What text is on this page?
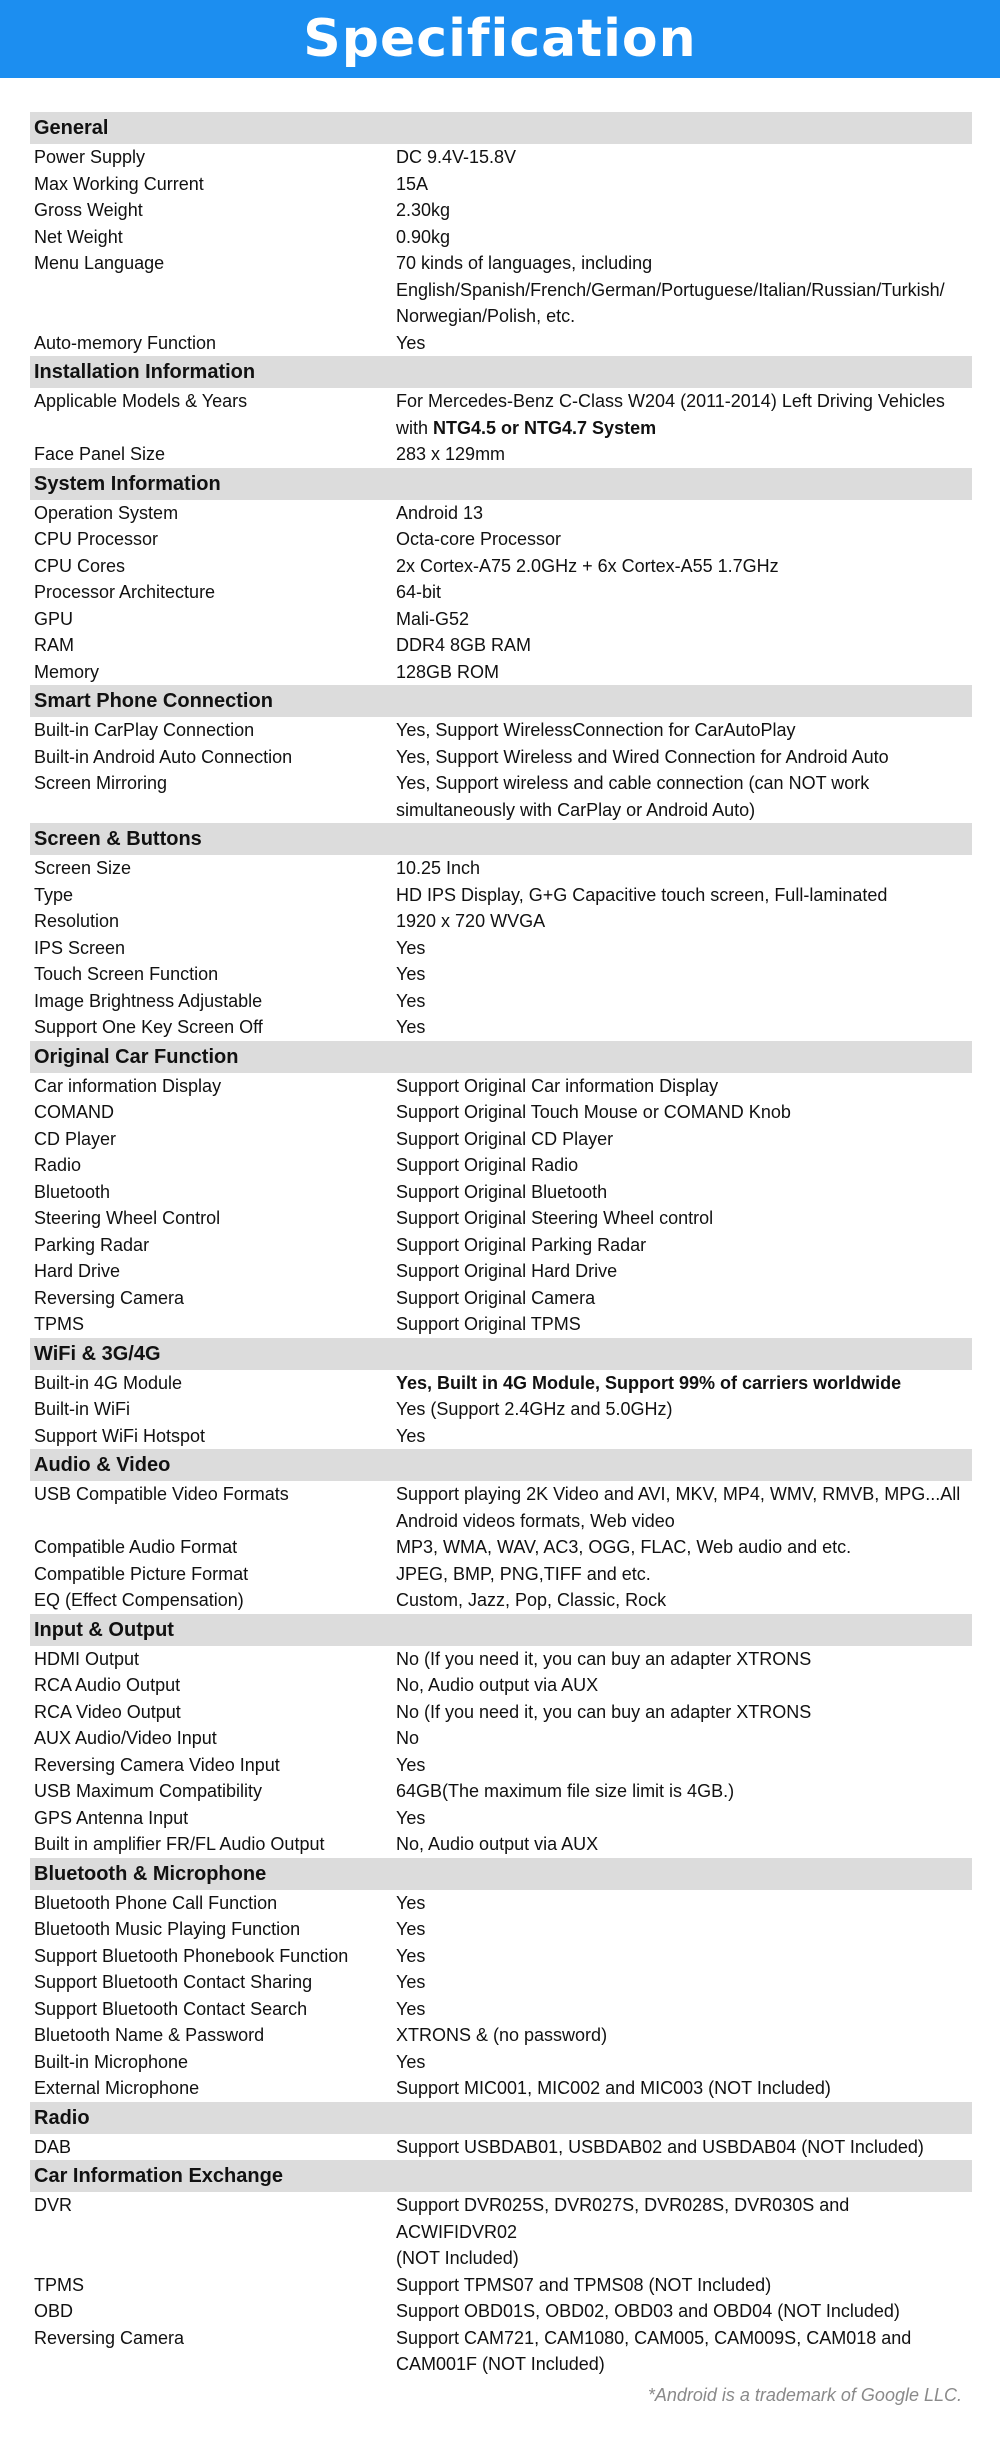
Specification
General
Power Supply	DC 9.4V-15.8V
Max Working Current	15A
Gross Weight	2.30kg
Net Weight	0.90kg
Menu Language	70 kinds of languages, including
English/Spanish/French/German/Portuguese/Italian/Russian/Turkish/
Norwegian/Polish, etc.
Auto-memory Function	Yes
Installation Information
Applicable Models & Years	For Mercedes-Benz C-Class W204 (2011-2014) Left Driving Vehicles
with NTG4.5 or NTG4.7 System
Face Panel Size	283 x 129mm
System Information
Operation System	Android 13
CPU Processor	Octa-core Processor
CPU Cores	2x Cortex-A75 2.0GHz + 6x Cortex-A55 1.7GHz
Processor Architecture	64-bit
GPU	Mali-G52
RAM	DDR4 8GB RAM
Memory	128GB ROM
Smart Phone Connection
Built-in CarPlay Connection	Yes, Support WirelessConnection for CarAutoPlay
Built-in Android Auto Connection	Yes, Support Wireless and Wired Connection for Android Auto
Screen Mirroring	Yes, Support wireless and cable connection (can NOT work
simultaneously with CarPlay or Android Auto)
Screen & Buttons
Screen Size	10.25 Inch
Type	HD IPS Display, G+G Capacitive touch screen, Full-laminated
Resolution	1920 x 720 WVGA
IPS Screen	Yes
Touch Screen Function	Yes
Image Brightness Adjustable	Yes
Support One Key Screen Off	Yes
Original Car Function
Car information Display	Support Original Car information Display
COMAND	Support Original Touch Mouse or COMAND Knob
CD Player	Support Original CD Player
Radio	Support Original Radio
Bluetooth	Support Original Bluetooth
Steering Wheel Control	Support Original Steering Wheel control
Parking Radar	Support Original Parking Radar
Hard Drive	Support Original Hard Drive
Reversing Camera	Support Original Camera
TPMS	Support Original TPMS
WiFi & 3G/4G
Built-in 4G Module	Yes, Built in 4G Module, Support 99% of carriers worldwide
Built-in WiFi	Yes (Support 2.4GHz and 5.0GHz)
Support WiFi Hotspot	Yes
Audio & Video
USB Compatible Video Formats	Support playing 2K Video and AVI, MKV, MP4, WMV, RMVB, MPG...All
Android videos formats, Web video
Compatible Audio Format	MP3, WMA, WAV, AC3, OGG, FLAC, Web audio and etc.
Compatible Picture Format	JPEG, BMP, PNG,TIFF and etc.
EQ (Effect Compensation)	Custom, Jazz, Pop, Classic, Rock
Input & Output
HDMI Output	No (If you need it, you can buy an adapter XTRONS
RCA Audio Output	No, Audio output via AUX
RCA Video Output	No (If you need it, you can buy an adapter XTRONS
AUX Audio/Video Input	No
Reversing Camera Video Input	Yes
USB Maximum Compatibility	64GB(The maximum file size limit is 4GB.)
GPS Antenna Input	Yes
Built in amplifier FR/FL Audio Output	No, Audio output via AUX
Bluetooth & Microphone
Bluetooth Phone Call Function	Yes
Bluetooth Music Playing Function	Yes
Support Bluetooth Phonebook Function	Yes
Support Bluetooth Contact Sharing	Yes
Support Bluetooth Contact Search	Yes
Bluetooth Name & Password	XTRONS & (no password)
Built-in Microphone	Yes
External Microphone	Support MIC001, MIC002 and MIC003 (NOT Included)
Radio
DAB	Support USBDAB01, USBDAB02 and USBDAB04 (NOT Included)
Car Information Exchange
DVR	Support DVR025S, DVR027S, DVR028S, DVR030S and ACWIFIDVR02
(NOT Included)
TPMS	Support TPMS07 and TPMS08 (NOT Included)
OBD	Support OBD01S, OBD02, OBD03 and OBD04 (NOT Included)
Reversing Camera	Support CAM721, CAM1080, CAM005, CAM009S, CAM018 and
CAM001F (NOT Included)
*Android is a trademark of Google LLC.
